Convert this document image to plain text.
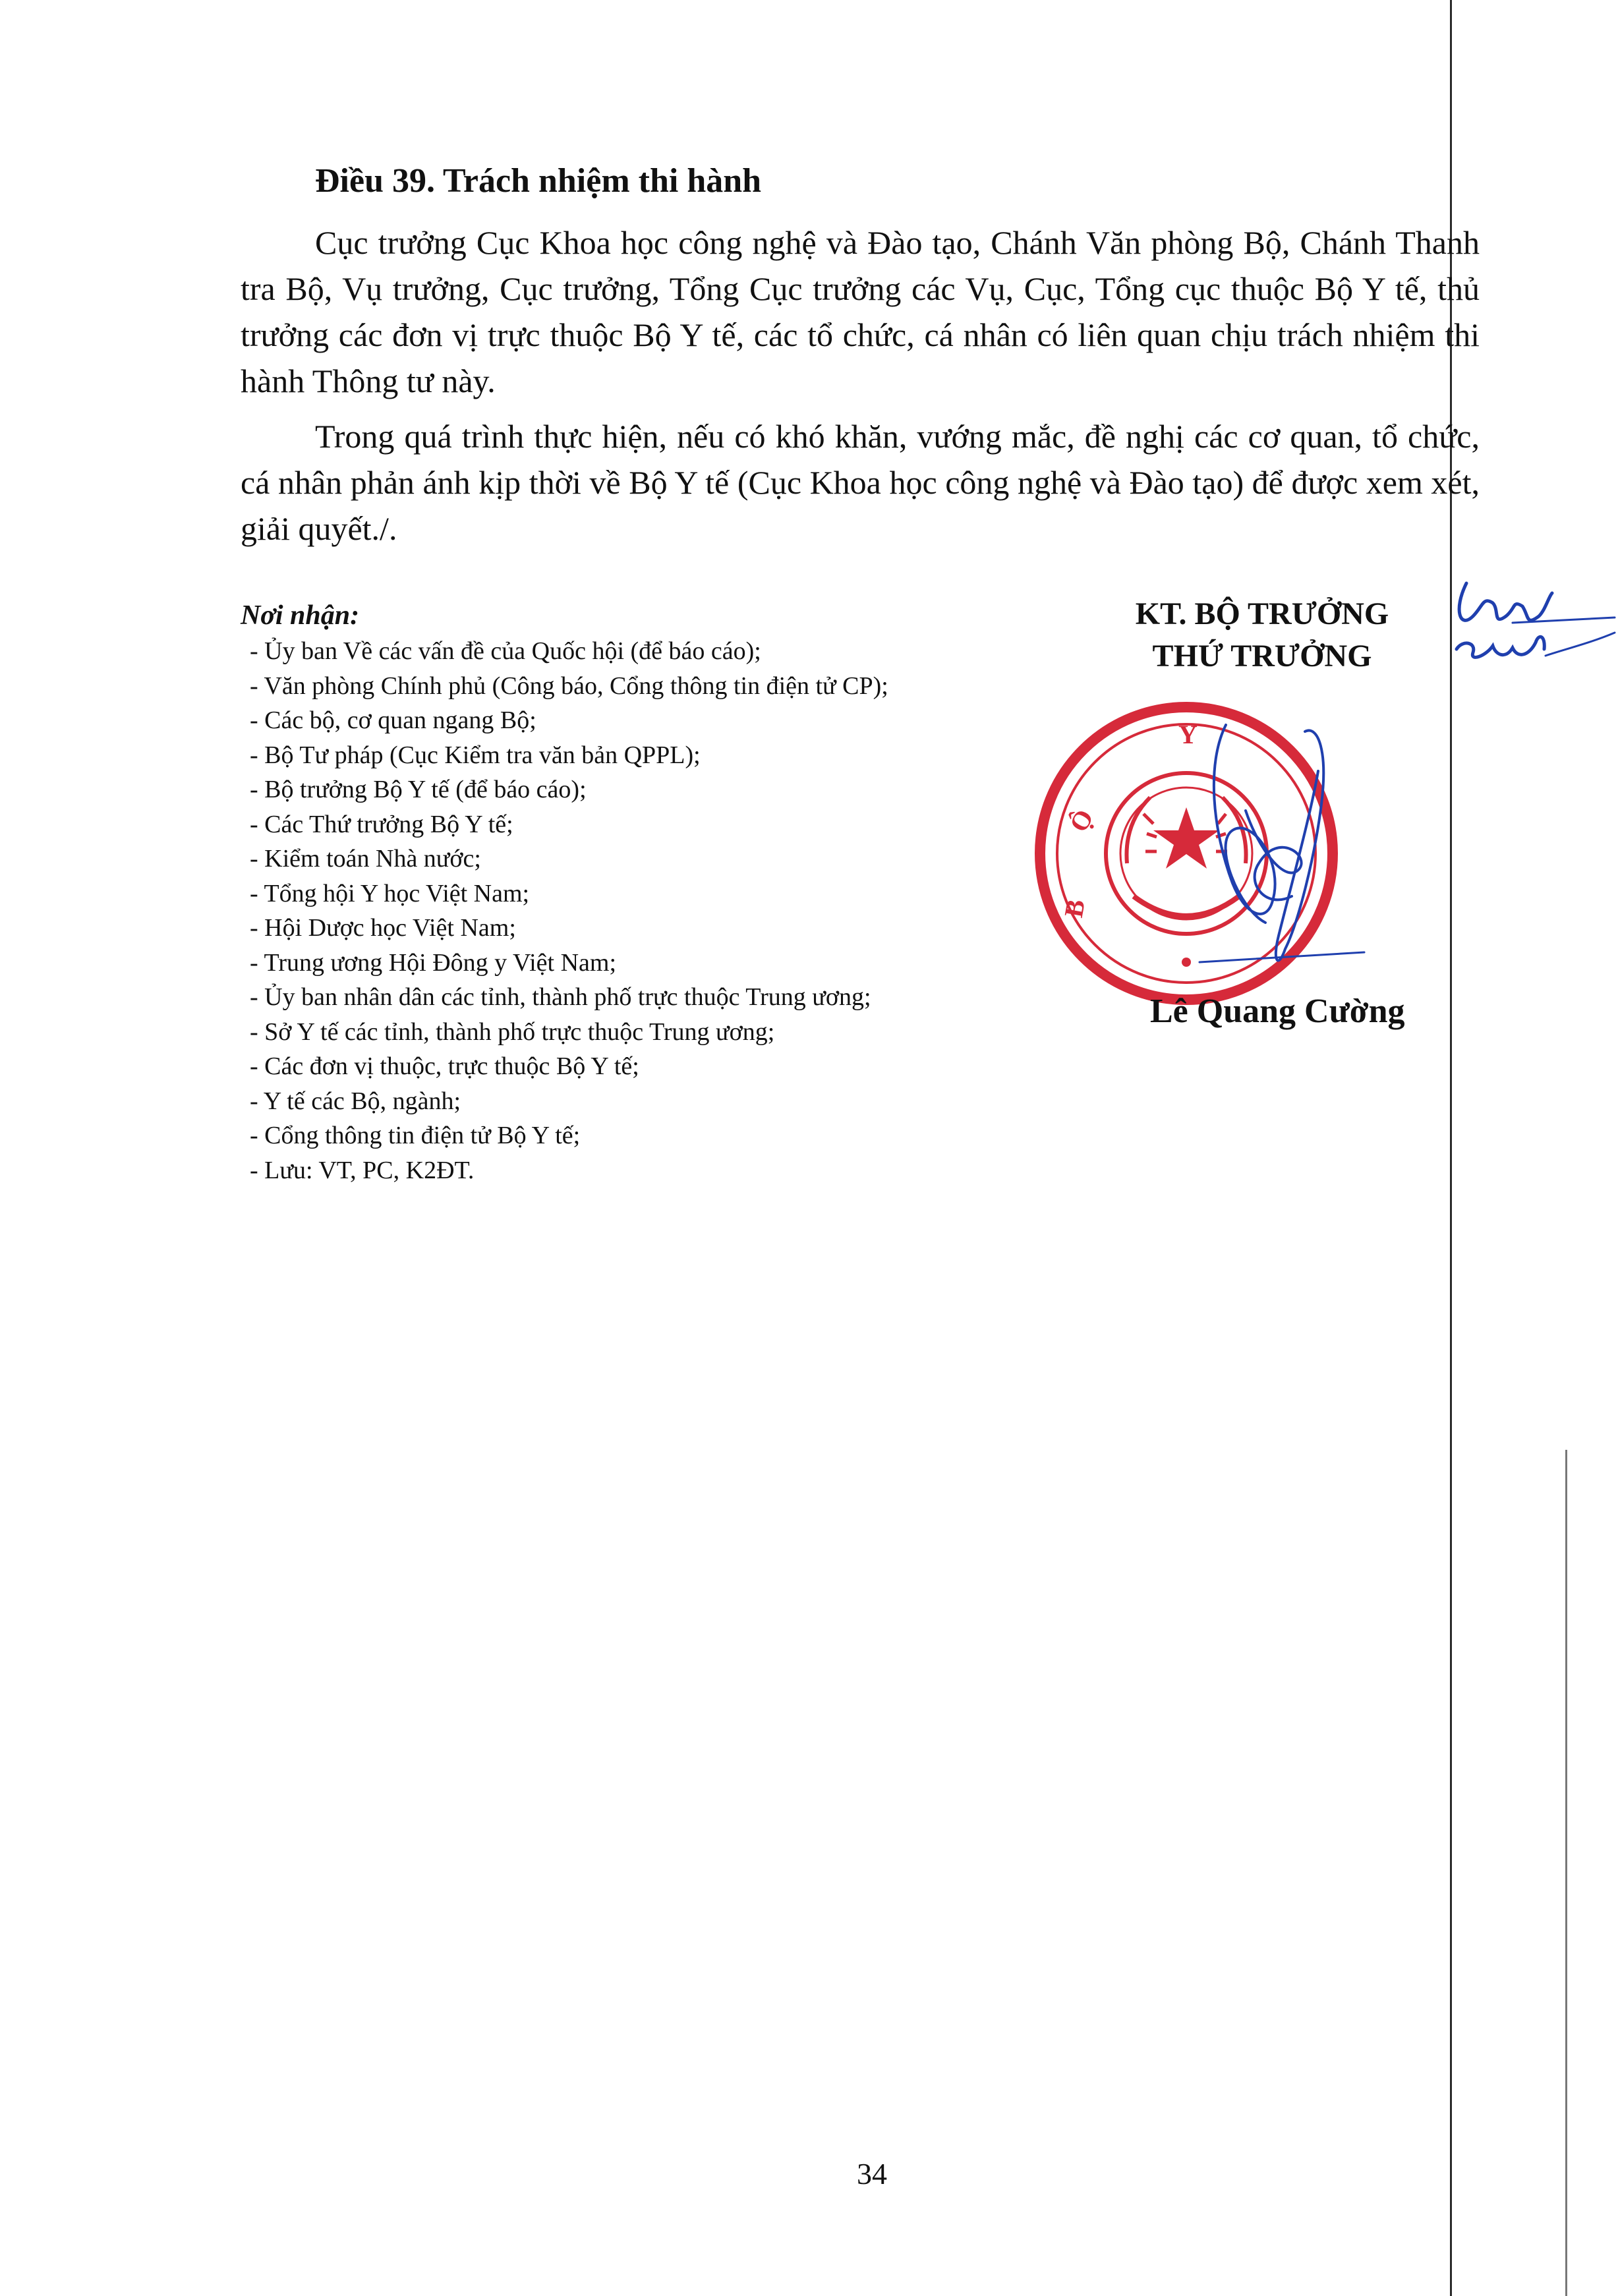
Điều 39. Trách nhiệm thi hành

Cục trưởng Cục Khoa học công nghệ và Đào tạo, Chánh Văn phòng Bộ, Chánh Thanh tra Bộ, Vụ trưởng, Cục trưởng, Tổng Cục trưởng các Vụ, Cục, Tổng cục thuộc Bộ Y tế, thủ trưởng các đơn vị trực thuộc Bộ Y tế, các tổ chức, cá nhân có liên quan chịu trách nhiệm thi hành Thông tư này.

Trong quá trình thực hiện, nếu có khó khăn, vướng mắc, đề nghị các cơ quan, tổ chức, cá nhân phản ánh kịp thời về Bộ Y tế (Cục Khoa học công nghệ và Đào tạo) để được xem xét, giải quyết./.

Nơi nhận:

- Ủy ban Về các vấn đề của Quốc hội (để báo cáo);
- Văn phòng Chính phủ (Công báo, Cổng thông tin điện tử CP);
- Các bộ, cơ quan ngang Bộ;
- Bộ Tư pháp (Cục Kiểm tra văn bản QPPL);
- Bộ trưởng Bộ Y tế (để báo cáo);
- Các Thứ trưởng Bộ Y tế;
- Kiểm toán Nhà nước;
- Tổng hội Y học Việt Nam;
- Hội Dược học Việt Nam;
- Trung ương Hội Đông y Việt Nam;
- Ủy ban nhân dân các tỉnh, thành phố trực thuộc Trung ương;
- Sở Y tế các tỉnh, thành phố trực thuộc Trung ương;
- Các đơn vị thuộc, trực thuộc Bộ Y tế;
- Y tế các Bộ, ngành;
- Cổng thông tin điện tử Bộ Y tế;
- Lưu: VT, PC, K2ĐT.

KT. BỘ TRƯỞNG

THỨ TRƯỞNG

Y
B
Ộ

Lê Quang Cường

34
